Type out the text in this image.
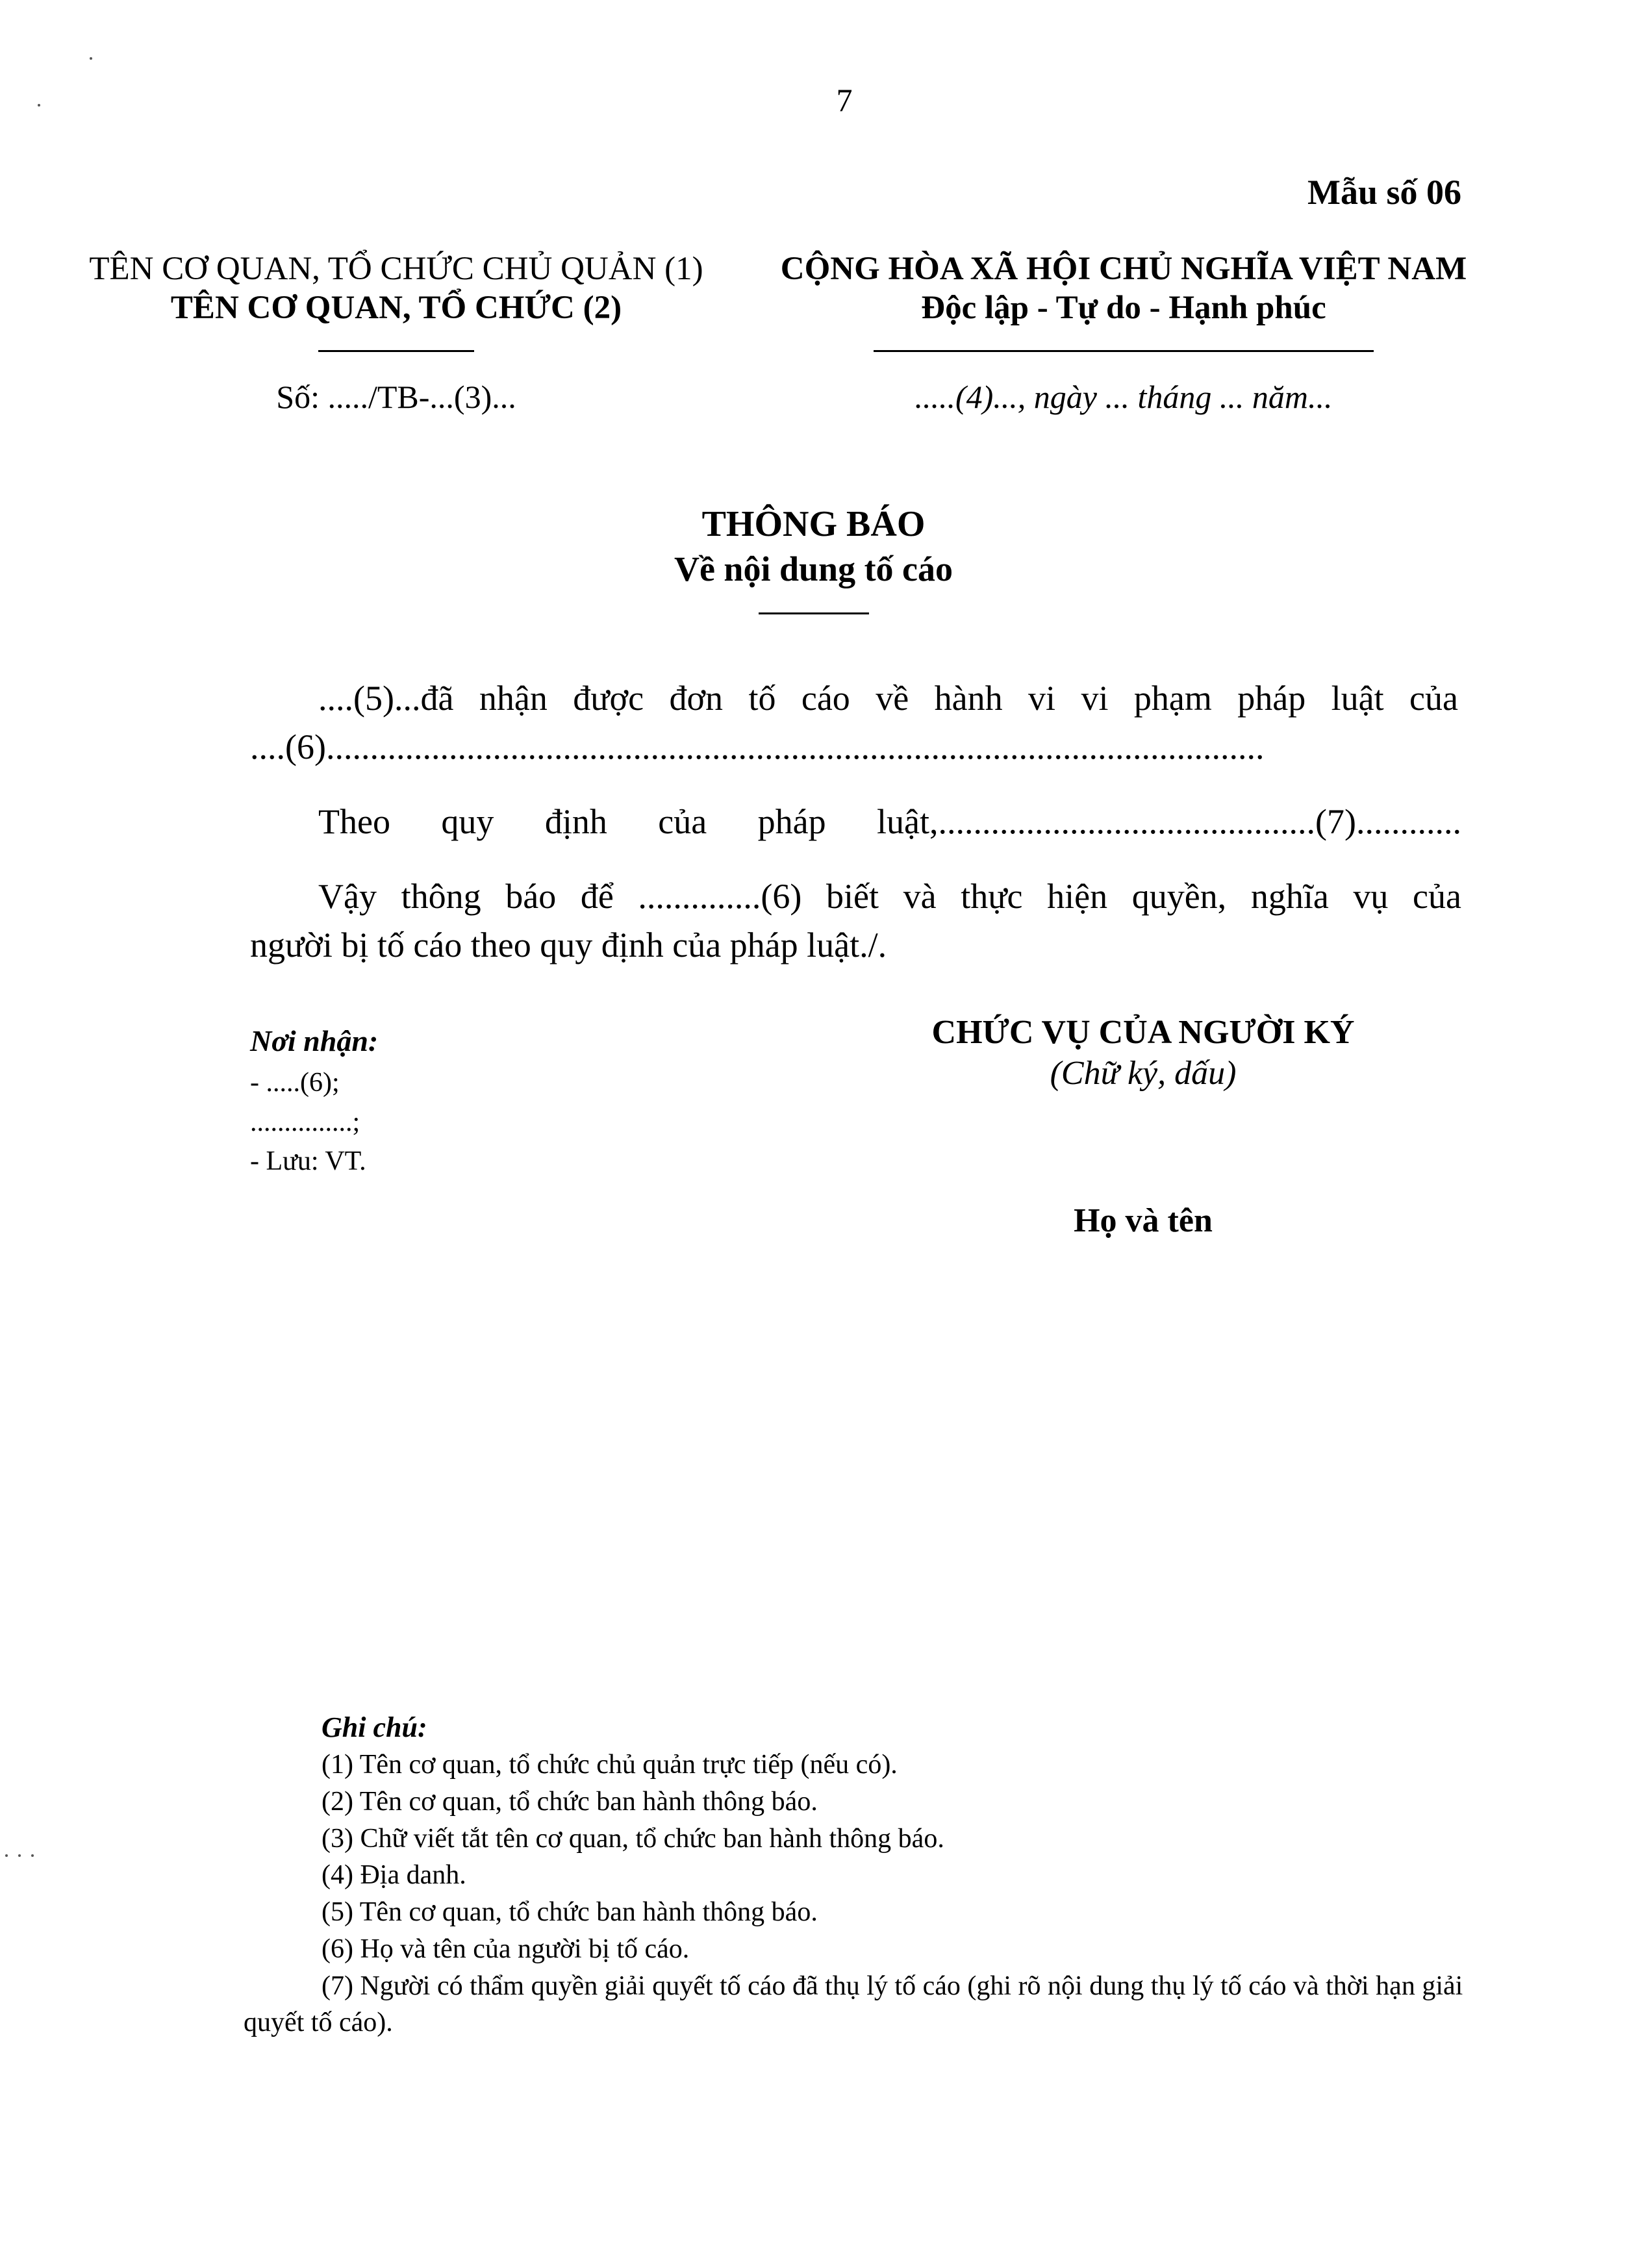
7
Mẫu số 06
TÊN CƠ QUAN, TỔ CHỨC CHỦ QUẢN (1)
TÊN CƠ QUAN, TỔ CHỨC (2)
Số: ...../TB-...(3)...
CỘNG HÒA XÃ HỘI CHỦ NGHĨA VIỆT NAM
Độc lập - Tự do - Hạnh phúc
.....(4)..., ngày ... tháng ... năm...
THÔNG BÁO
Về nội dung tố cáo
....(5)...đã nhận được đơn tố cáo về hành vi vi phạm pháp luật của
....(6)...........................................................................................................
Theo quy định của pháp luật,...........................................(7)............
Vậy thông báo để ..............(6) biết và thực hiện quyền, nghĩa vụ của
người bị tố cáo theo quy định của pháp luật./.
Nơi nhận:
- .....(6);
...............;
- Lưu: VT.
CHỨC VỤ CỦA NGƯỜI KÝ
(Chữ ký, dấu)
Họ và tên
Ghi chú:
(1) Tên cơ quan, tổ chức chủ quản trực tiếp (nếu có).
(2) Tên cơ quan, tổ chức ban hành thông báo.
(3) Chữ viết tắt tên cơ quan, tổ chức ban hành thông báo.
(4) Địa danh.
(5) Tên cơ quan, tổ chức ban hành thông báo.
(6) Họ và tên của người bị tố cáo.
(7) Người có thẩm quyền giải quyết tố cáo đã thụ lý tố cáo (ghi rõ nội dung thụ lý tố cáo và thời hạn giải quyết tố cáo).
